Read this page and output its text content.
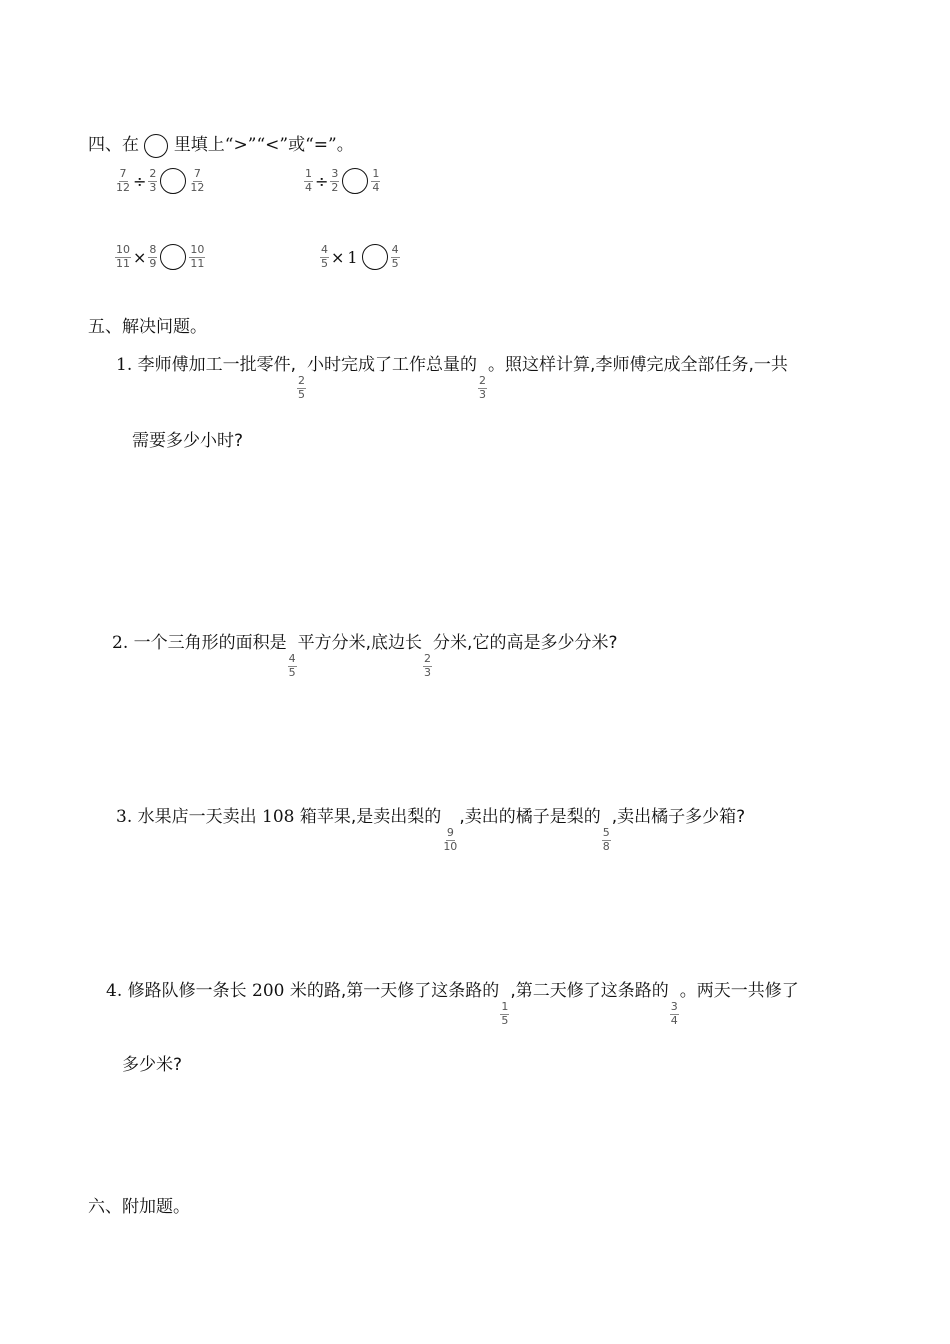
四、在 里填上“>”“<”或“=”。
$\frac{7}{12} \div \frac{2}{3}$	$\frac{7}{12}$	$\frac{1}{4} \div \frac{3}{2}$	$\frac{1}{4}$
$\frac{10}{11} \times \frac{8}{9}$	$\frac{10}{11}$	$\frac{4}{5} \times 1$	$\frac{4}{5}$
五、解决问题。
1. 李师傅加工一批零件,
$\frac{2}{5}$
小时完成了工作总量的
$\frac{2}{3}$
。照这样计算,李师傅完成全部任务,一共
需要多少小时?
2. 一个三角形的面积是
$\frac{4}{5}$
平方分米,底边长
$\frac{2}{3}$
分米,它的高是多少分米?
3. 水果店一天卖出 108 箱苹果,是卖出梨的
$\frac{9}{10}$
,卖出的橘子是梨的
$\frac{5}{8}$
,卖出橘子多少箱?
4. 修路队修一条长 200 米的路,第一天修了这条路的
$\frac{1}{5}$
,第二天修了这条路的
$\frac{3}{4}$
。两天一共修了
多少米?
六、附加题。
